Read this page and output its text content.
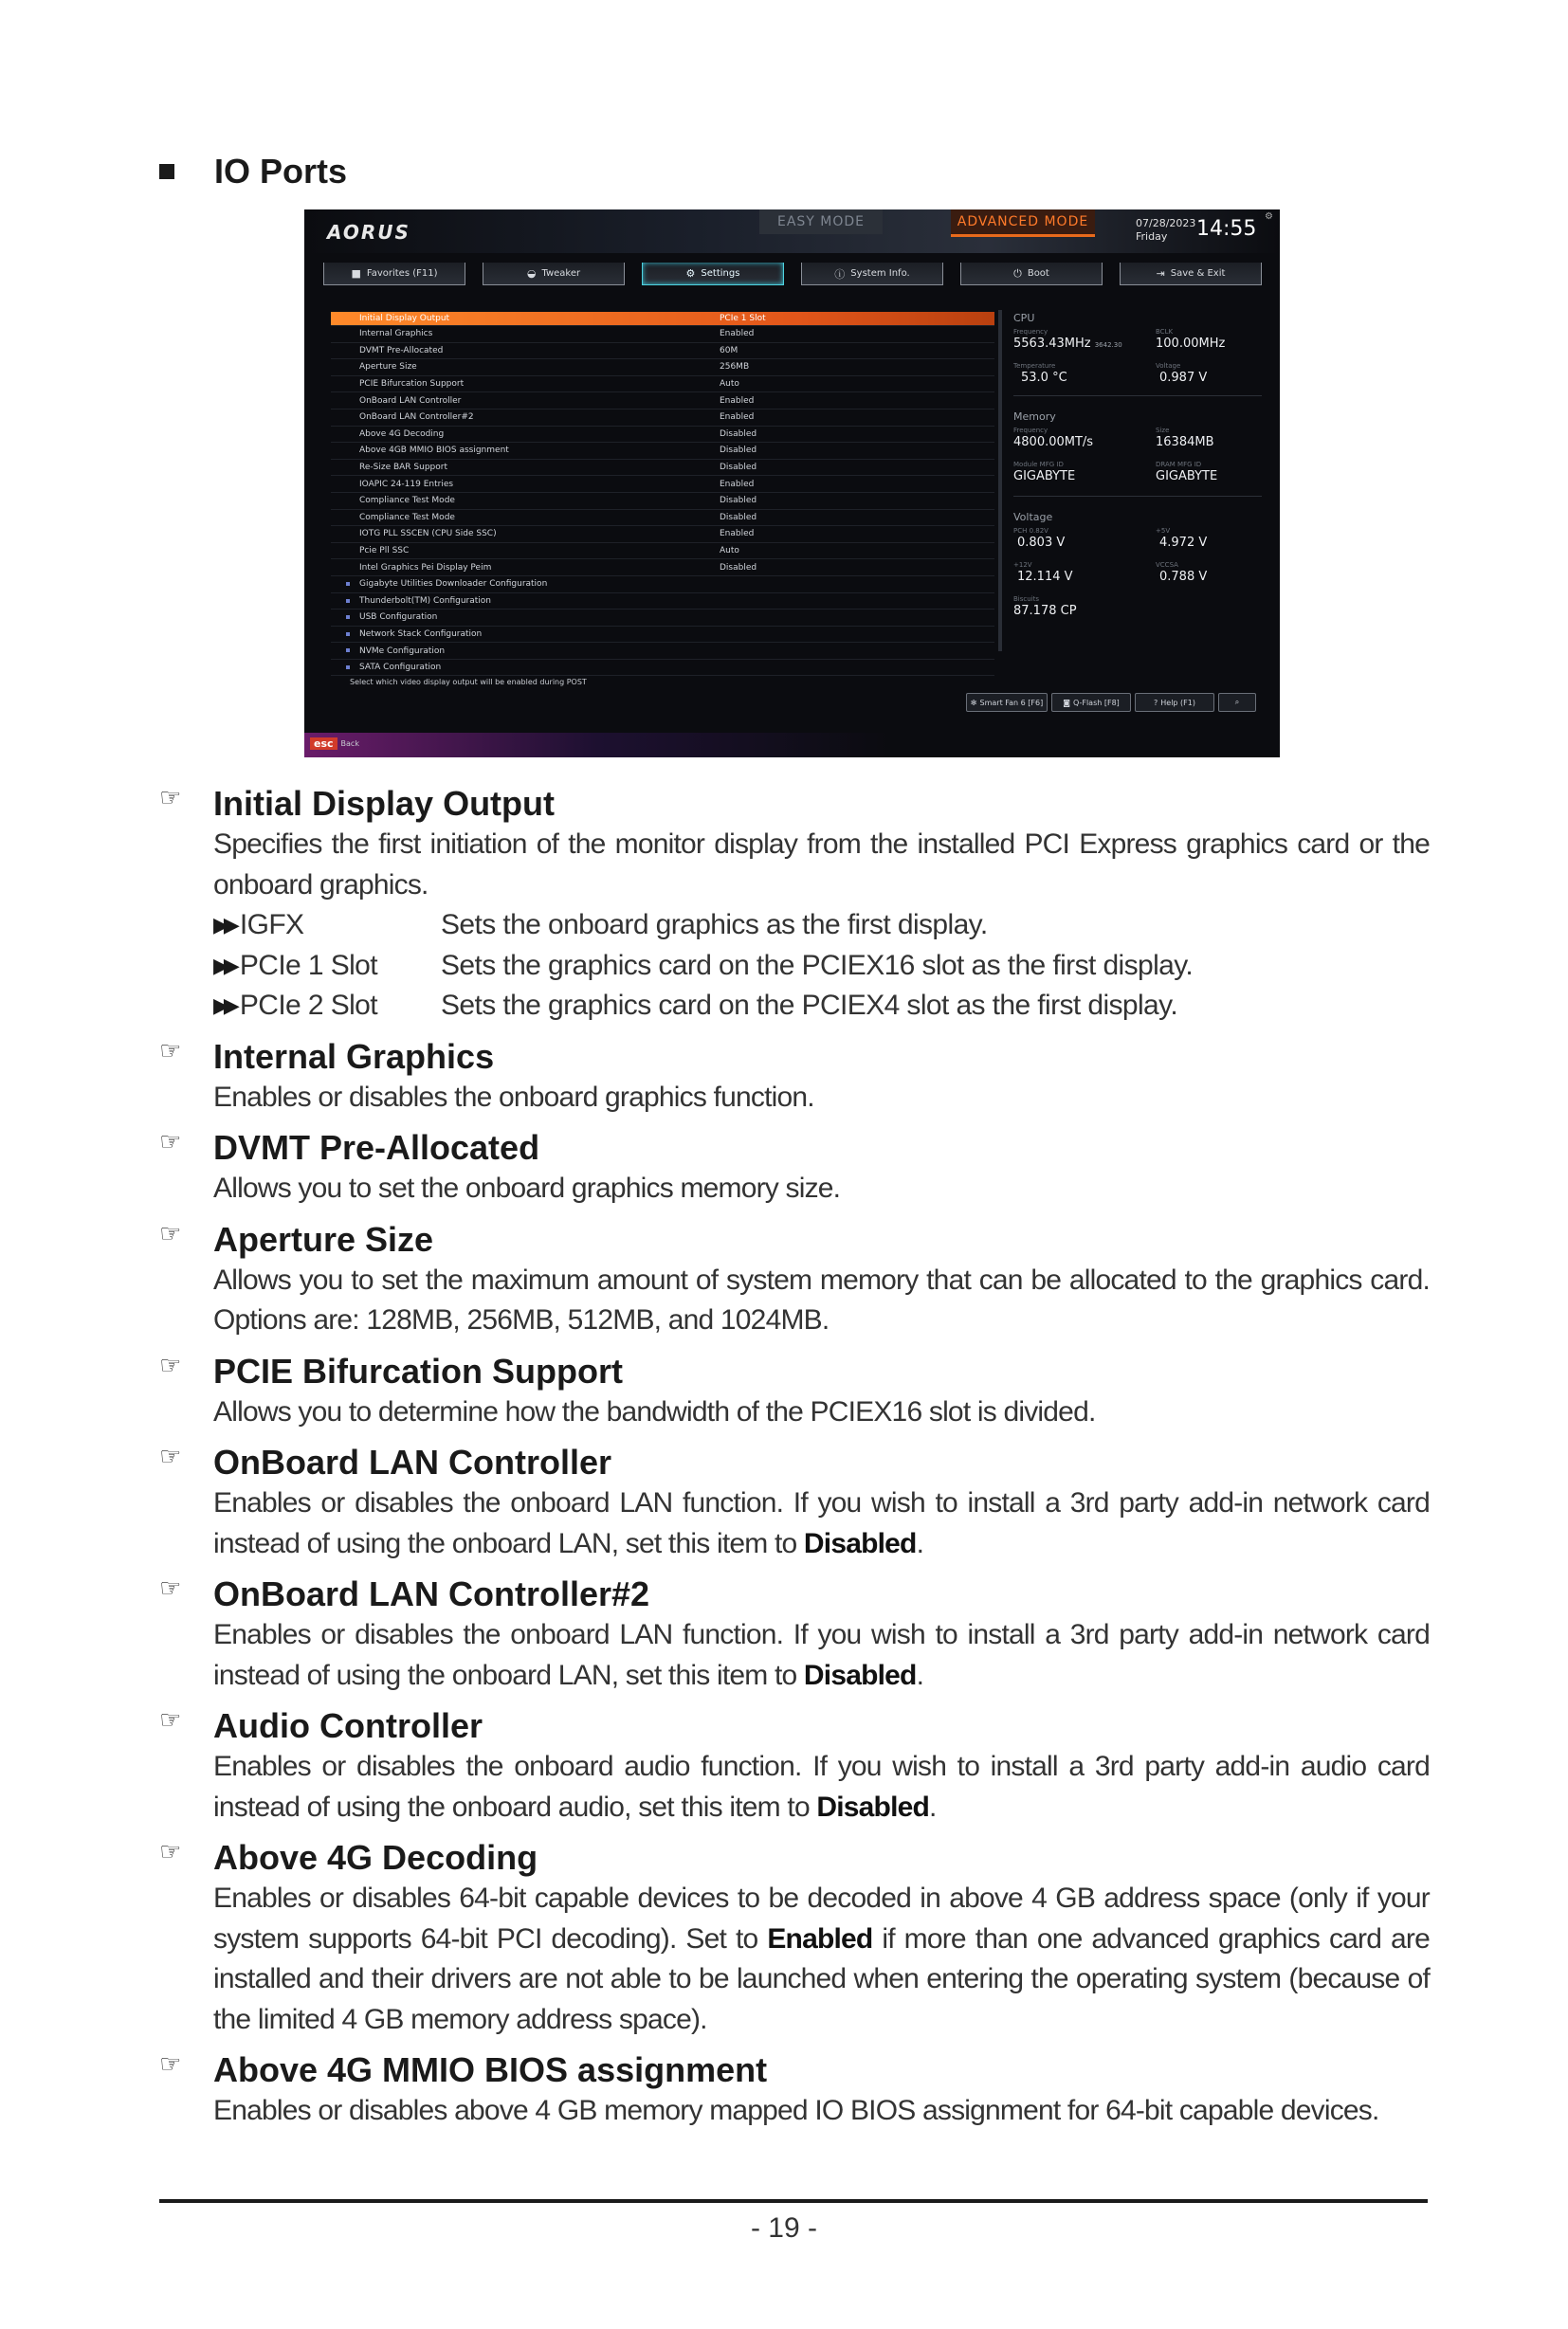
IO Ports
AORUS	EASY MODE	ADVANCED MODE	07/28/2023
Friday	14:55
⚙
■ Favorites (F11)	◒ Tweaker	⚙ Settings	ⓘ System Info.	⏻ Boot	⇥ Save & Exit
Initial Display Output	PCIe 1 Slot
Internal Graphics	Enabled
DVMT Pre-Allocated	60M
Aperture Size	256MB
PCIE Bifurcation Support	Auto
OnBoard LAN Controller	Enabled
OnBoard LAN Controller#2	Enabled
Above 4G Decoding	Disabled
Above 4GB MMIO BIOS assignment	Disabled
Re-Size BAR Support	Disabled
IOAPIC 24-119 Entries	Enabled
Compliance Test Mode	Disabled
Compliance Test Mode	Disabled
IOTG PLL SSCEN (CPU Side SSC)	Enabled
Pcie Pll SSC	Auto
Intel Graphics Pei Display Peim	Disabled
Gigabyte Utilities Downloader Configuration
Thunderbolt(TM) Configuration
USB Configuration
Network Stack Configuration
NVMe Configuration
SATA Configuration
CPU
Frequency
5563.43MHz 3642.30
BCLK
100.00MHz
Temperature
53.0 °C
Voltage
0.987 V
Memory
Frequency
4800.00MT/s
Size
16384MB
Module MFG ID
GIGABYTE
DRAM MFG ID
GIGABYTE
Voltage
PCH 0.82V
0.803 V
+5V
4.972 V
+12V
12.114 V
VCCSA
0.788 V
Biscuits
87.178 CP
Select which video display output will be enabled during POST
✻ Smart Fan 6 [F6]	◙ Q-Flash [F8]	? Help (F1)	⌕
esc	Back
☞ Initial Display Output
Specifies the first initiation of the monitor display from the installed PCI Express graphics card or the onboard graphics.
▶▶ IGFX	Sets the onboard graphics as the first display.
▶▶ PCIe 1 Slot Sets the graphics card on the PCIEX16 slot as the first display.
▶▶ PCIe 2 Slot Sets the graphics card on the PCIEX4 slot as the first display.
☞ Internal Graphics
Enables or disables the onboard graphics function.
☞ DVMT Pre-Allocated
Allows you to set the onboard graphics memory size.
☞ Aperture Size
Allows you to set the maximum amount of system memory that can be allocated to the graphics card. Options are: 128MB, 256MB, 512MB, and 1024MB.
☞ PCIE Bifurcation Support
Allows you to determine how the bandwidth of the PCIEX16 slot is divided.
☞ OnBoard LAN Controller
Enables or disables the onboard LAN function. If you wish to install a 3rd party add-in network card instead of using the onboard LAN, set this item to Disabled.
☞ OnBoard LAN Controller#2
Enables or disables the onboard LAN function. If you wish to install a 3rd party add-in network card instead of using the onboard LAN, set this item to Disabled.
☞ Audio Controller
Enables or disables the onboard audio function. If you wish to install a 3rd party add-in audio card instead of using the onboard audio, set this item to Disabled.
☞ Above 4G Decoding
Enables or disables 64-bit capable devices to be decoded in above 4 GB address space (only if your system supports 64-bit PCI decoding). Set to Enabled if more than one advanced graphics card are installed and their drivers are not able to be launched when entering the operating system (because of the limited 4 GB memory address space).
☞ Above 4G MMIO BIOS assignment
Enables or disables above 4 GB memory mapped IO BIOS assignment for 64-bit capable devices.
- 19 -
